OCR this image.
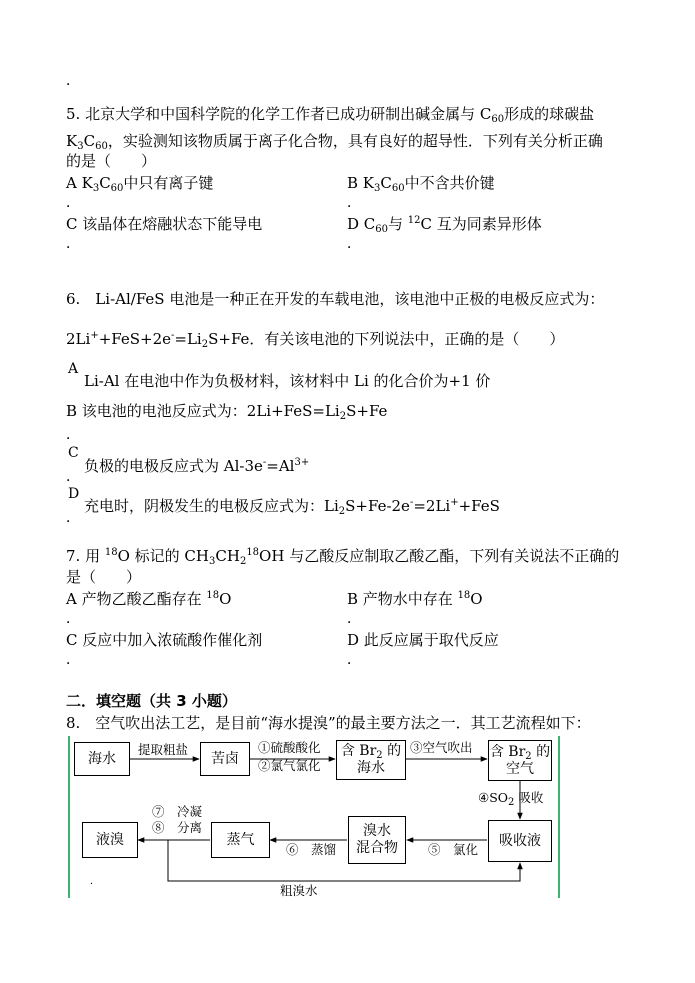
．
5. 北京大学和中国科学院的化学工作者已成功研制出碱金属与 $C_{60}$形成的球碳盐
$K_3C_{60}$，实验测知该物质属于离子化合物，具有良好的超导性．下列有关分析正确
的是（　　）
A $K_3C_{60}$中只有离子键
．
B $K_3C_{60}$中不含共价键
．
C 该晶体在熔融状态下能导电
．
D $C_{60}$与 $^{12}$C 互为同素异形体
．
6.　Li-Al/FeS 电池是一种正在开发的车载电池，该电池中正极的电极反应式为：
$2Li^++FeS+2e^-=Li_2S+Fe$．有关该电池的下列说法中，正确的是（　　）
A
Li-Al 在电池中作为负极材料，该材料中 Li 的化合价为+1 价
B 该电池的电池反应式为：$2Li+FeS=Li_2S+Fe$
．
C
负极的电极反应式为 $Al-3e^-=Al^{3+}$
．
D
充电时，阴极发生的电极反应式为：$Li_2S+Fe-2e^-=2Li^++FeS$
．
7. 用 $^{18}$O 标记的 $CH_3CH_2^{18}OH$ 与乙酸反应制取乙酸乙酯，下列有关说法不正确的
是（　　）
A 产物乙酸乙酯存在 $^{18}$O
．
B 产物水中存在 $^{18}$O
．
C 反应中加入浓硫酸作催化剂
．
D 此反应属于取代反应
．
二．填空题（共 3 小题）
8.　空气吹出法工艺，是目前“海水提溴”的最主要方法之一．其工艺流程如下：
海水	苦卤	含 $Br_2$ 的
海水
含 $Br_2$ 的
空气
吸收液
溴水
混合物
蒸气
液溴
提取粗盐	①硫酸酸化
②氯气氯化
③空气吹出
$④SO_2$ 吸收
⑤　氯化
⑥　蒸馏
⑦　冷凝
⑧　分离
粗溴水
．
